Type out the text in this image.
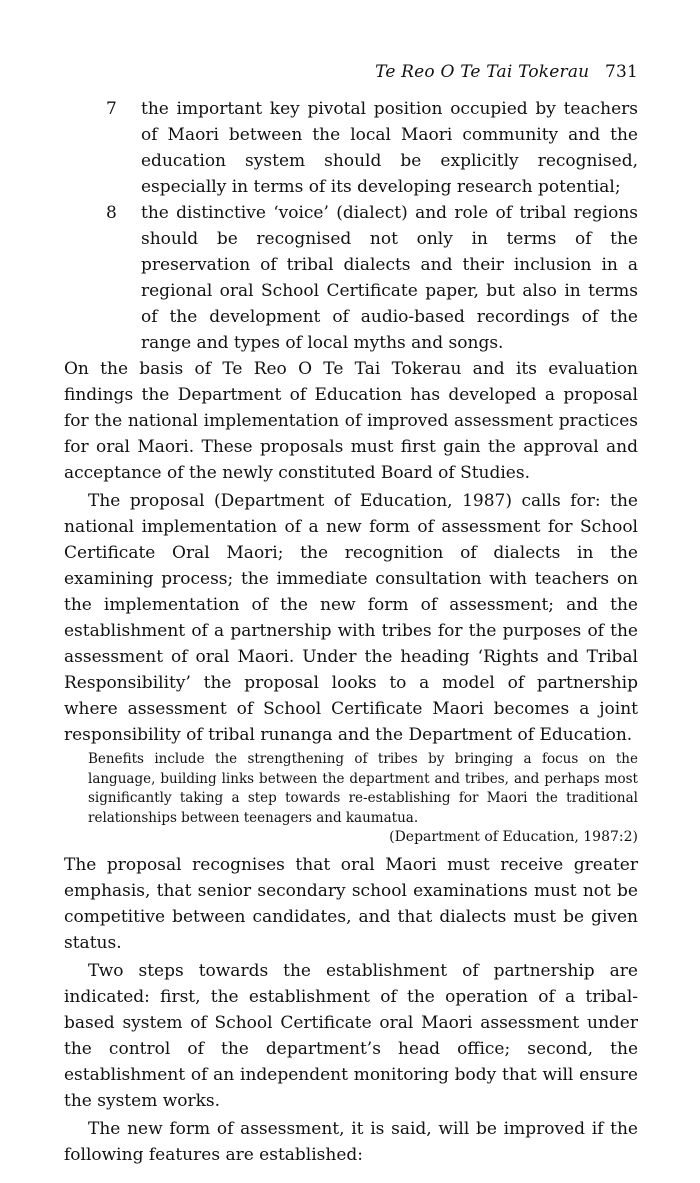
Te Reo O Te Tai Tokerau 731
7	the important key pivotal position occupied by teachers of Maori between the local Maori community and the education system should be explicitly recognised, especially in terms of its developing research potential;
8	the distinctive ‘voice’ (dialect) and role of tribal regions should be recognised not only in terms of the preservation of tribal dialects and their inclusion in a regional oral School Certificate paper, but also in terms of the development of audio-based recordings of the range and types of local myths and songs.

On the basis of Te Reo O Te Tai Tokerau and its evaluation findings the Department of Education has developed a proposal for the national implementation of improved assessment practices for oral Maori. These proposals must first gain the approval and acceptance of the newly constituted Board of Studies.

The proposal (Department of Education, 1987) calls for: the national implementation of a new form of assessment for School Certificate Oral Maori; the recognition of dialects in the examining process; the immediate consultation with teachers on the implementation of the new form of assessment; and the establishment of a partnership with tribes for the purposes of the assessment of oral Maori. Under the heading ‘Rights and Tribal Responsibility’ the proposal looks to a model of partnership where assessment of School Certificate Maori becomes a joint responsibility of tribal runanga and the Department of Education.

Benefits include the strengthening of tribes by bringing a focus on the language, building links between the department and tribes, and perhaps most significantly taking a step towards re-establishing for Maori the traditional relationships between teenagers and kaumatua.
(Department of Education, 1987:2)

The proposal recognises that oral Maori must receive greater emphasis, that senior secondary school examinations must not be competitive between candidates, and that dialects must be given status.

Two steps towards the establishment of partnership are indicated: first, the establishment of the operation of a tribal-based system of School Certificate oral Maori assessment under the control of the department’s head office; second, the establishment of an independent monitoring body that will ensure the system works.

The new form of assessment, it is said, will be improved if the following features are established:
